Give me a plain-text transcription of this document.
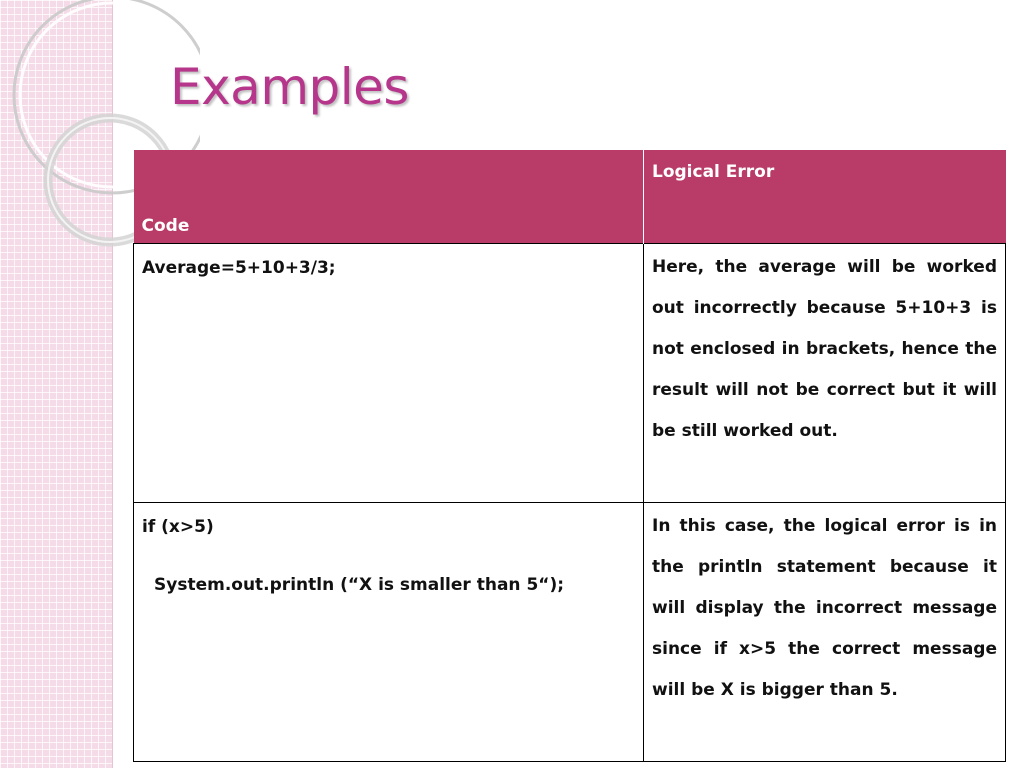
Examples
Code	Logical Error

Average=5+10+3/3;	Here, the average will be worked out incorrectly because 5+10+3 is not enclosed in brackets, hence the result will not be correct but it will be still worked out.

if (x>5)
System.out.println (“X is smaller than 5“);	In this case, the logical error is in the println statement because it will display the incorrect message since if x>5 the correct message will be X is bigger than 5.
